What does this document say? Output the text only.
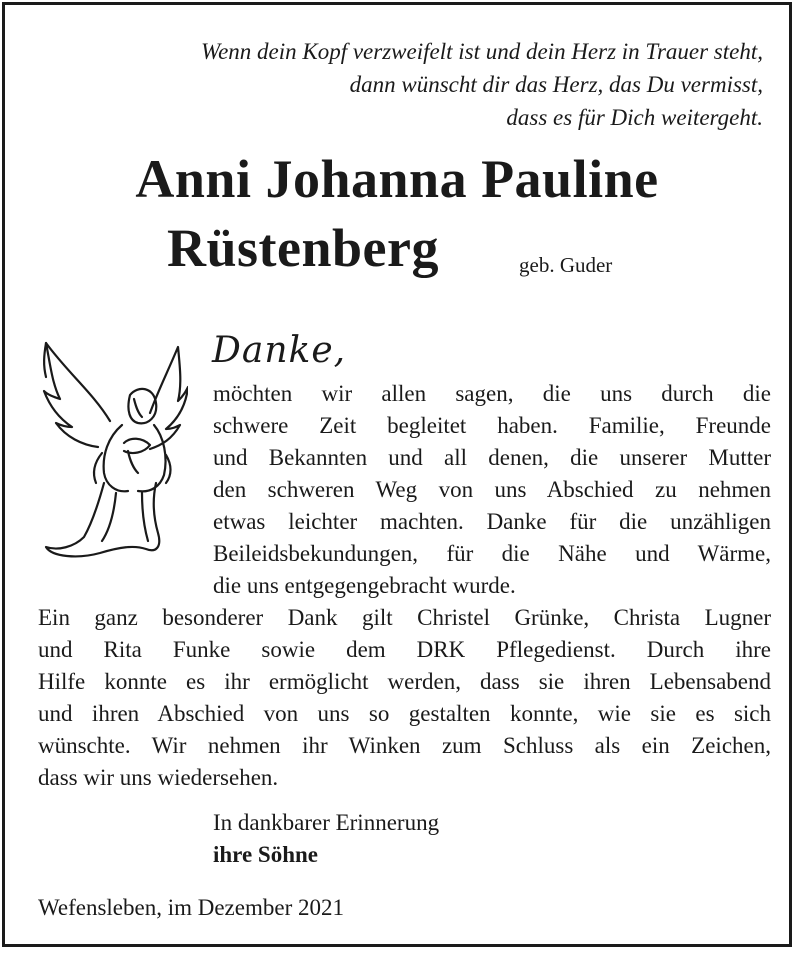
Wenn dein Kopf verzweifelt ist und dein Herz in Trauer steht,
dann wünscht dir das Herz, das Du vermisst,
dass es für Dich weitergeht.
Anni Johanna Pauline
Rüstenberg	geb. Guder
Danke,
möchten wir allen sagen, die uns durch die
schwere Zeit begleitet haben. Familie, Freunde
und Bekannten und all denen, die unserer Mutter
den schweren Weg von uns Abschied zu nehmen
etwas leichter machten. Danke für die unzähligen
Beileidsbekundungen, für die Nähe und Wärme,
die uns entgegengebracht wurde.
Ein ganz besonderer Dank gilt Christel Grünke, Christa Lugner
und Rita Funke sowie dem DRK Pflegedienst. Durch ihre
Hilfe konnte es ihr ermöglicht werden, dass sie ihren Lebensabend
und ihren Abschied von uns so gestalten konnte, wie sie es sich
wünschte. Wir nehmen ihr Winken zum Schluss als ein Zeichen,
dass wir uns wiedersehen.
In dankbarer Erinnerung
ihre Söhne
Wefensleben, im Dezember 2021
